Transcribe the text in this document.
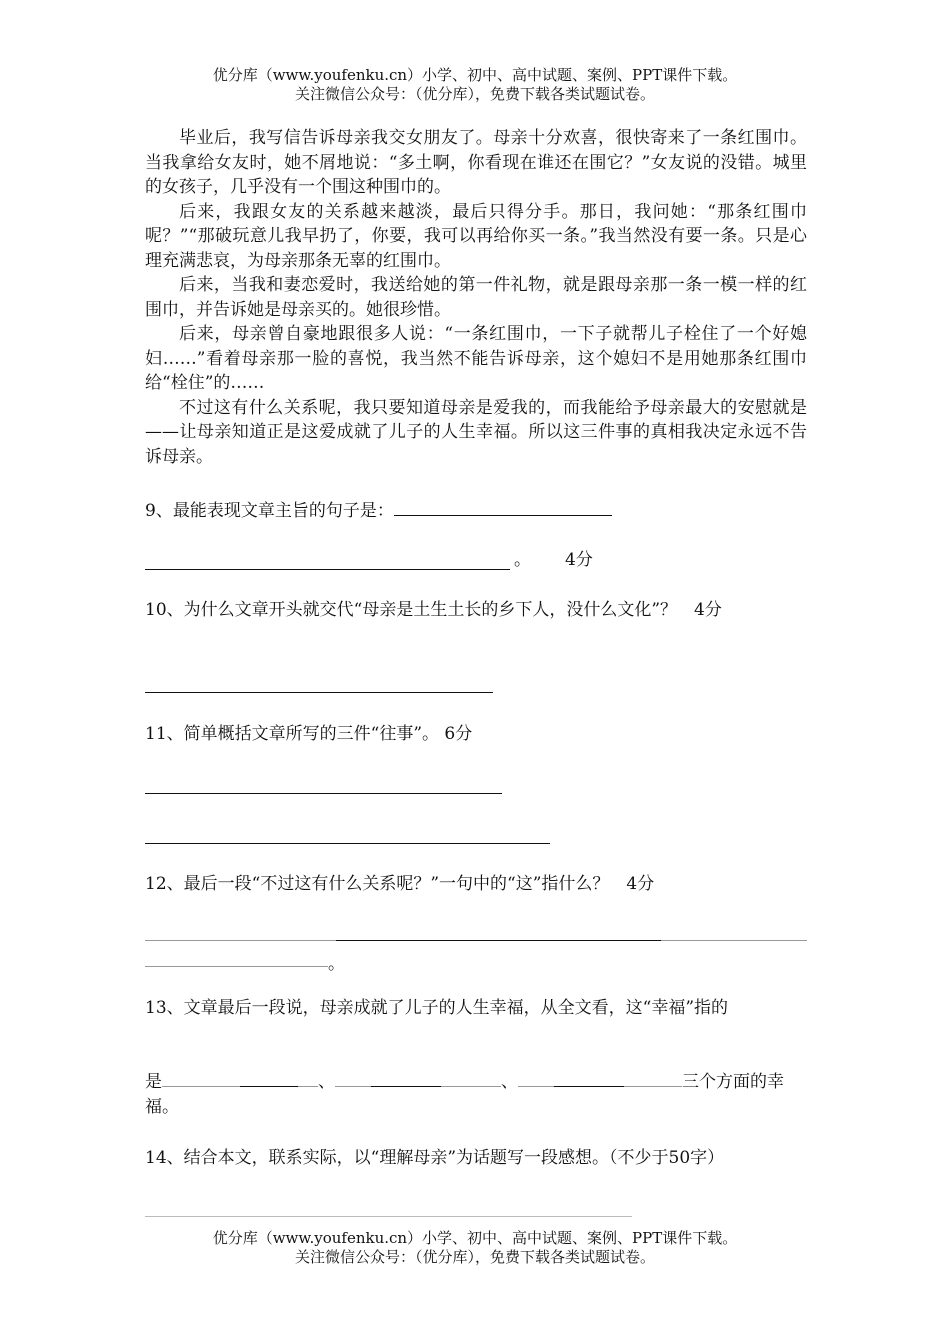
优分库（www.youfenku.cn）小学、初中、高中试题、案例、PPT课件下载。
关注微信公众号：（优分库），免费下载各类试题试卷。

毕业后，我写信告诉母亲我交女朋友了。母亲十分欢喜，很快寄来了一条红围巾。当我拿给女友时，她不屑地说：“多土啊，你看现在谁还在围它？”女友说的没错。城里的女孩子，几乎没有一个围这种围巾的。

后来，我跟女友的关系越来越淡，最后只得分手。那日，我问她：“那条红围巾呢？”“那破玩意儿我早扔了，你要，我可以再给你买一条。”我当然没有要一条。只是心理充满悲哀，为母亲那条无辜的红围巾。

后来，当我和妻恋爱时，我送给她的第一件礼物，就是跟母亲那一条一模一样的红围巾，并告诉她是母亲买的。她很珍惜。

后来，母亲曾自豪地跟很多人说：“一条红围巾，一下子就帮儿子栓住了一个好媳妇……”看着母亲那一脸的喜悦，我当然不能告诉母亲，这个媳妇不是用她那条红围巾给“栓住”的……

不过这有什么关系呢，我只要知道母亲是爱我的，而我能给予母亲最大的安慰就是——让母亲知道正是这爱成就了儿子的人生幸福。所以这三件事的真相我决定永远不告诉母亲。

9、最能表现文章主旨的句子是：
。 4分

10、为什么文章开头就交代“母亲是土生土长的乡下人，没什么文化”？　4分

11、简单概括文章所写的三件“往事”。 6分

12、最后一段“不过这有什么关系呢？”一句中的“这”指什么？　4分

。

13、文章最后一段说，母亲成就了儿子的人生幸福，从全文看，这“幸福”指的

是	、	、	三个方面的幸福。

14、结合本文，联系实际，以“理解母亲”为话题写一段感想。（不少于50字）

优分库（www.youfenku.cn）小学、初中、高中试题、案例、PPT课件下载。
关注微信公众号：（优分库），免费下载各类试题试卷。
